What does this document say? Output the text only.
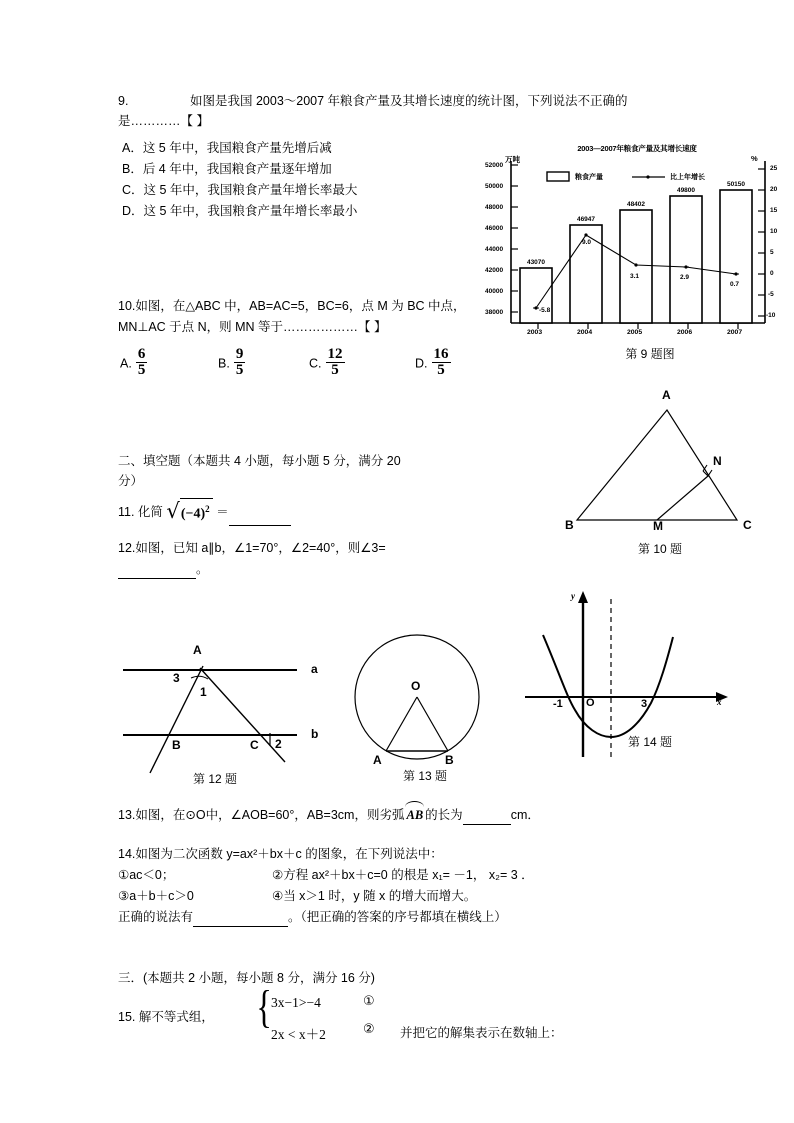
9.	如图是我国 2003～2007 年粮食产量及其增长速度的统计图，下列说法不正确的
是…………【 】
A．这 5 年中，我国粮食产量先增后减
B．后 4 年中，我国粮食产量逐年增加
C．这 5 年中，我国粮食产量年增长率最大
D．这 5 年中，我国粮食产量年增长率最小
2003—2007年粮食产量及其增长速度
万吨	%
52000
50000
48000
46000
44000
42000
40000
38000
25
20
15
10
5
0
-5
-10
粮食产量	比上年增长
43070
46947
48402
49800
50150
-5.8
9.0
3.1	2.9
0.7
2003	2004	2005	2006	2007
第 9 题图
10.如图，在△ABC 中，AB=AC=5，BC=6，点 M 为 BC 中点，
MN⊥AC 于点 N，则 MN 等于………………【 】
A. $\frac{6}{5}$	B. $\frac{9}{5}$	C. $\frac{12}{5}$	D. $\frac{16}{5}$
A
B	C
M
N
第 10 题
二、填空题（本题共 4 小题，每小题 5 分，满分 20
分）
11. 化简 $√(-4)^2$ ＝
12.如图，已知 a∥b，∠1=70°，∠2=40°，则∠3=
。
A
B	C
a
b
1
2
3
第 12 题
O
A	B
第 13 题
y
x
O
-1	3
第 14 题
13.如图，在⊙O中，∠AOB=60°，AB=3cm，则劣弧 AB 的长为	cm．
14.如图为二次函数 y=ax²＋bx＋c 的图象，在下列说法中：
①ac＜0；	②方程 ax²＋bx＋c=0 的根是 x₁= －1， x₂= 3 ．
③a＋b＋c＞0	④当 x＞1 时，y 随 x 的增大而增大。
正确的说法有	。（把正确的答案的序号都填在横线上）
三．(本题共 2 小题，每小题 8 分，满分 16 分)
15. 解不等式组， { 3x−1>−4	①
2x < x＋2	② 并把它的解集表示在数轴上：
